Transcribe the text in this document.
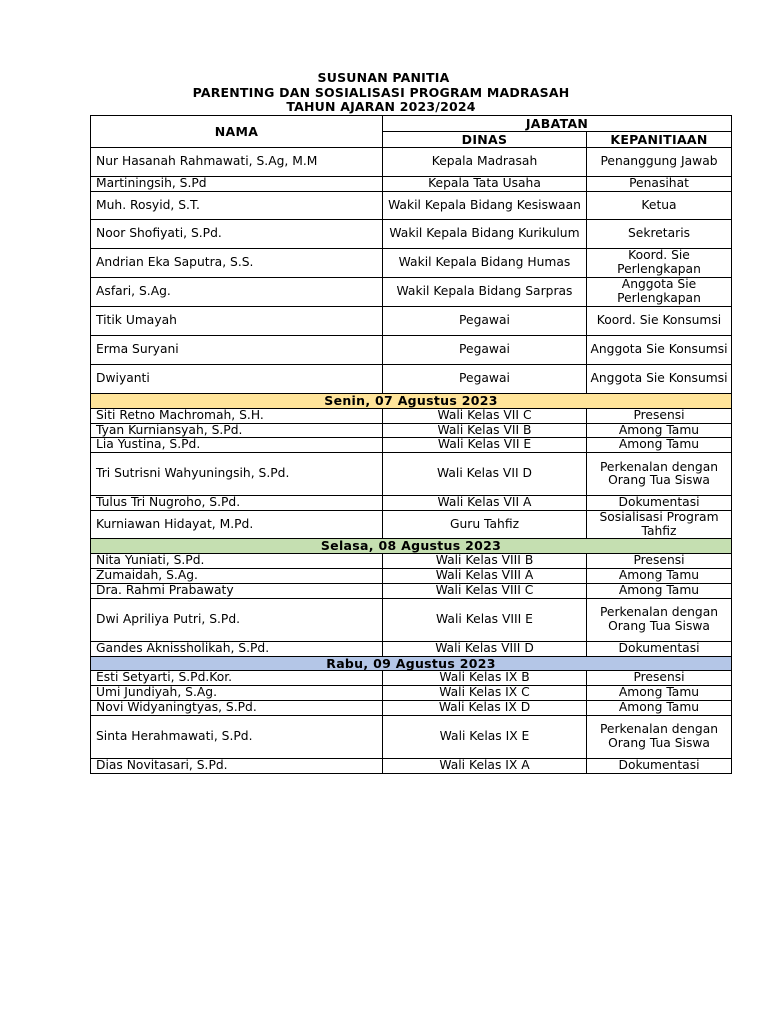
SUSUNAN PANITIA
PARENTING DAN SOSIALISASI PROGRAM MADRASAH
TAHUN AJARAN 2023/2024
NAMA	JABATAN	
	DINAS	KEPANITIAAN
Nur Hasanah Rahmawati, S.Ag, M.M	Kepala Madrasah	Penanggung Jawab
Martiningsih, S.Pd	Kepala Tata Usaha	Penasihat
Muh. Rosyid, S.T.	Wakil Kepala Bidang Kesiswaan	Ketua
Noor Shofiyati, S.Pd.	Wakil Kepala Bidang Kurikulum	Sekretaris
Andrian Eka Saputra, S.S.	Wakil Kepala Bidang Humas	Koord. Sie Perlengkapan
Asfari, S.Ag.	Wakil Kepala Bidang Sarpras	Anggota Sie Perlengkapan
Titik Umayah	Pegawai	Koord. Sie Konsumsi
Erma Suryani	Pegawai	Anggota Sie Konsumsi
Dwiyanti	Pegawai	Anggota Sie Konsumsi
Senin, 07 Agustus 2023		
Siti Retno Machromah, S.H.	Wali Kelas VII C	Presensi
Tyan Kurniansyah, S.Pd.	Wali Kelas VII B	Among Tamu
Lia Yustina, S.Pd.	Wali Kelas VII E	Among Tamu
Tri Sutrisni Wahyuningsih, S.Pd.	Wali Kelas VII D	Perkenalan dengan Orang Tua Siswa
Tulus Tri Nugroho, S.Pd.	Wali Kelas VII A	Dokumentasi
Kurniawan Hidayat, M.Pd.	Guru Tahfiz	Sosialisasi Program Tahfiz
Selasa, 08 Agustus 2023		
Nita Yuniati, S.Pd.	Wali Kelas VIII B	Presensi
Zumaidah, S.Ag.	Wali Kelas VIII A	Among Tamu
Dra. Rahmi Prabawaty	Wali Kelas VIII C	Among Tamu
Dwi Apriliya Putri, S.Pd.	Wali Kelas VIII E	Perkenalan dengan Orang Tua Siswa
Gandes Aknissholikah, S.Pd.	Wali Kelas VIII D	Dokumentasi
Rabu, 09 Agustus 2023		
Esti Setyarti, S.Pd.Kor.	Wali Kelas IX B	Presensi
Umi Jundiyah, S.Ag.	Wali Kelas IX C	Among Tamu
Novi Widyaningtyas, S.Pd.	Wali Kelas IX D	Among Tamu
Sinta Herahmawati, S.Pd.	Wali Kelas IX E	Perkenalan dengan Orang Tua Siswa
Dias Novitasari, S.Pd.	Wali Kelas IX A	Dokumentasi
